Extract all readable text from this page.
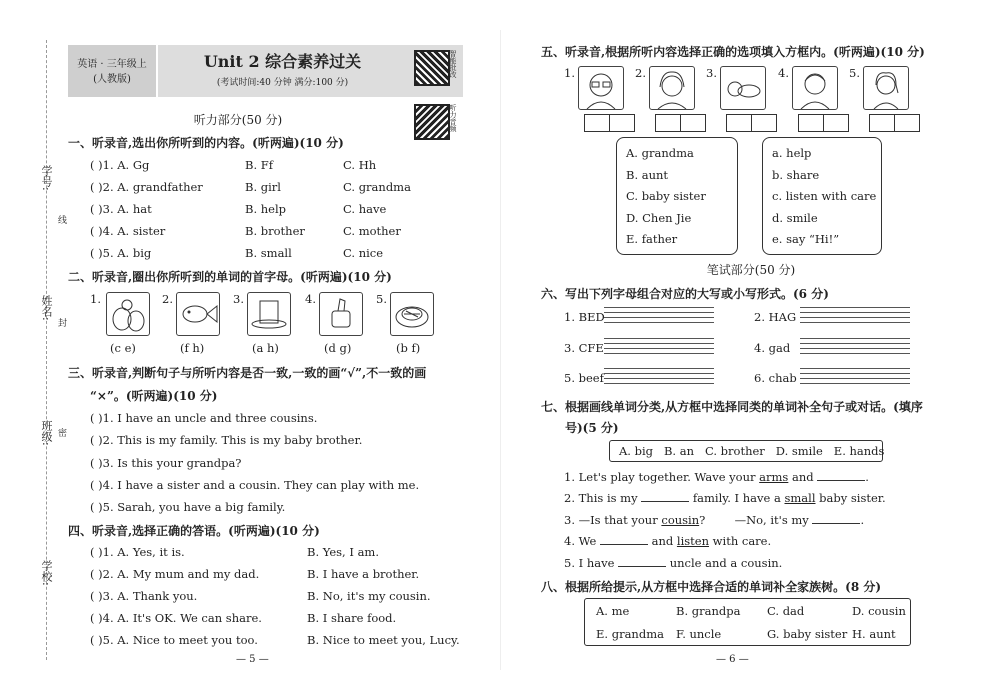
学号:
姓名:
班级:
学校:
线
封
密
英语 · 三年级上
(人教版)
Unit 2 综合素养过关
(考试时间:40 分钟 满分:100 分)
智能批改
听力音频
听力部分(50 分)
一、听录音,选出你所听到的内容。(听两遍)(10 分)
( )1. A. Gg	B. Ff	C. Hh
( )2. A. grandfather	B. girl	C. grandma
( )3. A. hat	B. help	C. have
( )4. A. sister	B. brother	C. mother
( )5. A. big	B. small	C. nice
二、听录音,圈出你所听到的单词的首字母。(听两遍)(10 分)
1.
(c e)
2.
(f h)
3.
(a h)
4.
(d g)
5.
(b f)
三、听录音,判断句子与所听内容是否一致,一致的画“√”,不一致的画
“×”。(听两遍)(10 分)
( )1. I have an uncle and three cousins.
( )2. This is my family. This is my baby brother.
( )3. Is this your grandpa?
( )4. I have a sister and a cousin. They can play with me.
( )5. Sarah, you have a big family.
四、听录音,选择正确的答语。(听两遍)(10 分)
( )1. A. Yes, it is.	B. Yes, I am.
( )2. A. My mum and my dad.	B. I have a brother.
( )3. A. Thank you.	B. No, it's my cousin.
( )4. A. It's OK. We can share.	B. I share food.
( )5. A. Nice to meet you too.	B. Nice to meet you, Lucy.
— 5 —
五、听录音,根据所听内容选择正确的选项填入方框内。(听两遍)(10 分)
1.	2.	3.	4.	5.
A. grandma
B. aunt
C. baby sister
D. Chen Jie
E. father
a. help
b. share
c. listen with care
d. smile
e. say “Hi!”
笔试部分(50 分)
六、写出下列字母组合对应的大写或小写形式。(6 分)
1. BED	2. HAG
3. CFE	4. gad
5. beef	6. chab
七、根据画线单词分类,从方框中选择同类的单词补全句子或对话。(填序
号)(5 分)
A. big   B. an   C. brother   D. smile   E. hands
1. Let's play together. Wave your arms and	.
2. This is my	family. I have a small baby sister.
3. —Is that your cousin?	—No, it's my	.
4. We	and listen with care.
5. I have	uncle and a cousin.
八、根据所给提示,从方框中选择合适的单词补全家族树。(8 分)
A. me	B. grandpa C. dad	D. cousin
E. grandma F. uncle	G. baby sister H. aunt
— 6 —
